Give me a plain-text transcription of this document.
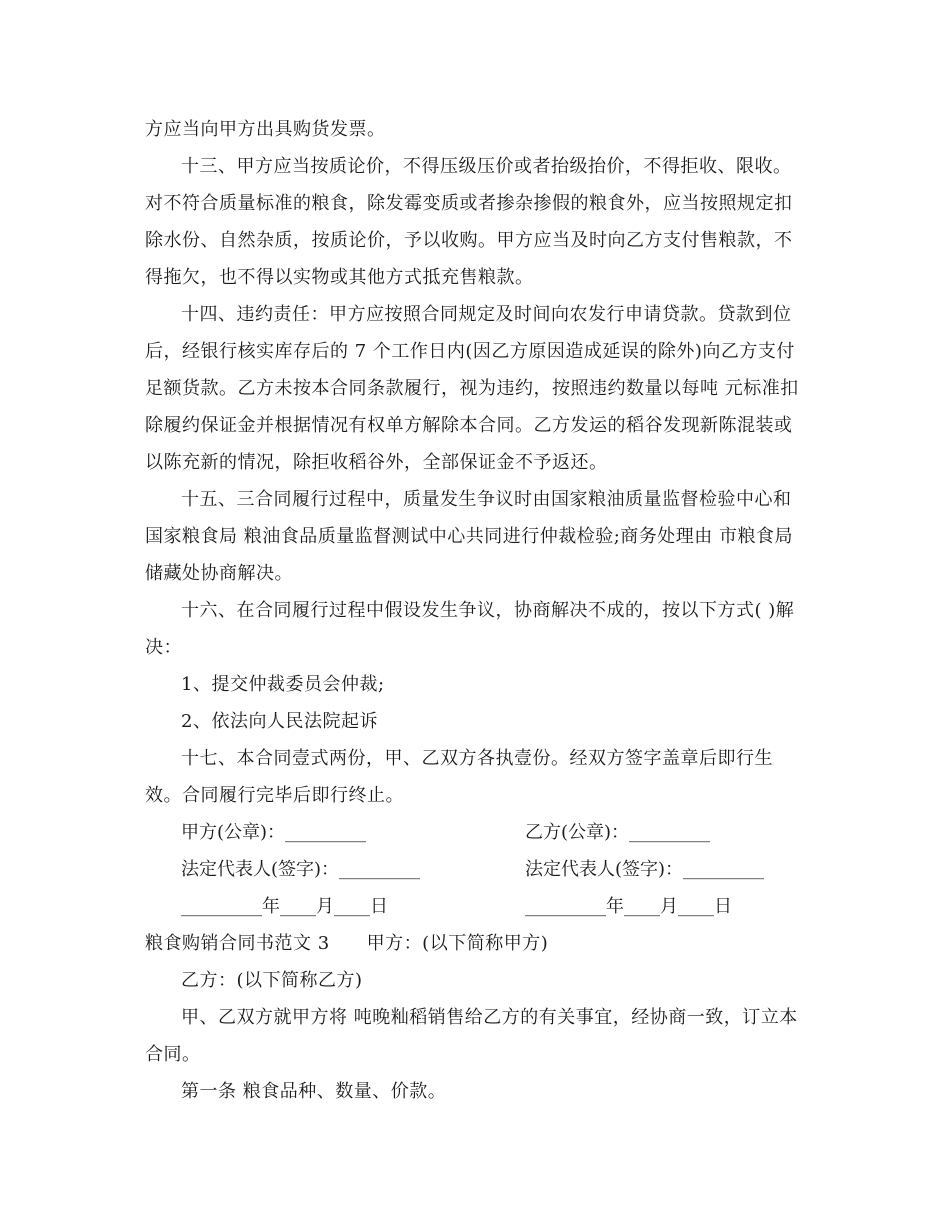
方应当向甲方出具购货发票。
十三、甲方应当按质论价，不得压级压价或者抬级抬价，不得拒收、限收。
对不符合质量标准的粮食，除发霉变质或者掺杂掺假的粮食外，应当按照规定扣
除水份、自然杂质，按质论价，予以收购。甲方应当及时向乙方支付售粮款，不
得拖欠，也不得以实物或其他方式抵充售粮款。
十四、违约责任：甲方应按照合同规定及时间向农发行申请贷款。贷款到位
后，经银行核实库存后的 7 个工作日内(因乙方原因造成延误的除外)向乙方支付
足额货款。乙方未按本合同条款履行，视为违约，按照违约数量以每吨 元标准扣
除履约保证金并根据情况有权单方解除本合同。乙方发运的稻谷发现新陈混装或
以陈充新的情况，除拒收稻谷外，全部保证金不予返还。
十五、三合同履行过程中，质量发生争议时由国家粮油质量监督检验中心和
国家粮食局 粮油食品质量监督测试中心共同进行仲裁检验;商务处理由 市粮食局
储藏处协商解决。
十六、在合同履行过程中假设发生争议，协商解决不成的，按以下方式( )解
决：
1、提交仲裁委员会仲裁;
2、依法向人民法院起诉
十七、本合同壹式两份，甲、乙双方各执壹份。经双方签字盖章后即行生
效。合同履行完毕后即行终止。
甲方(公章)：_________	乙方(公章)：_________
法定代表人(签字)：_________	法定代表人(签字)：_________
_________年____月____日	_________年____月____日
粮食购销合同书范文 3　　甲方：(以下简称甲方)
乙方：(以下简称乙方)
甲、乙双方就甲方将 吨晚籼稻销售给乙方的有关事宜，经协商一致，订立本
合同。
第一条 粮食品种、数量、价款。
